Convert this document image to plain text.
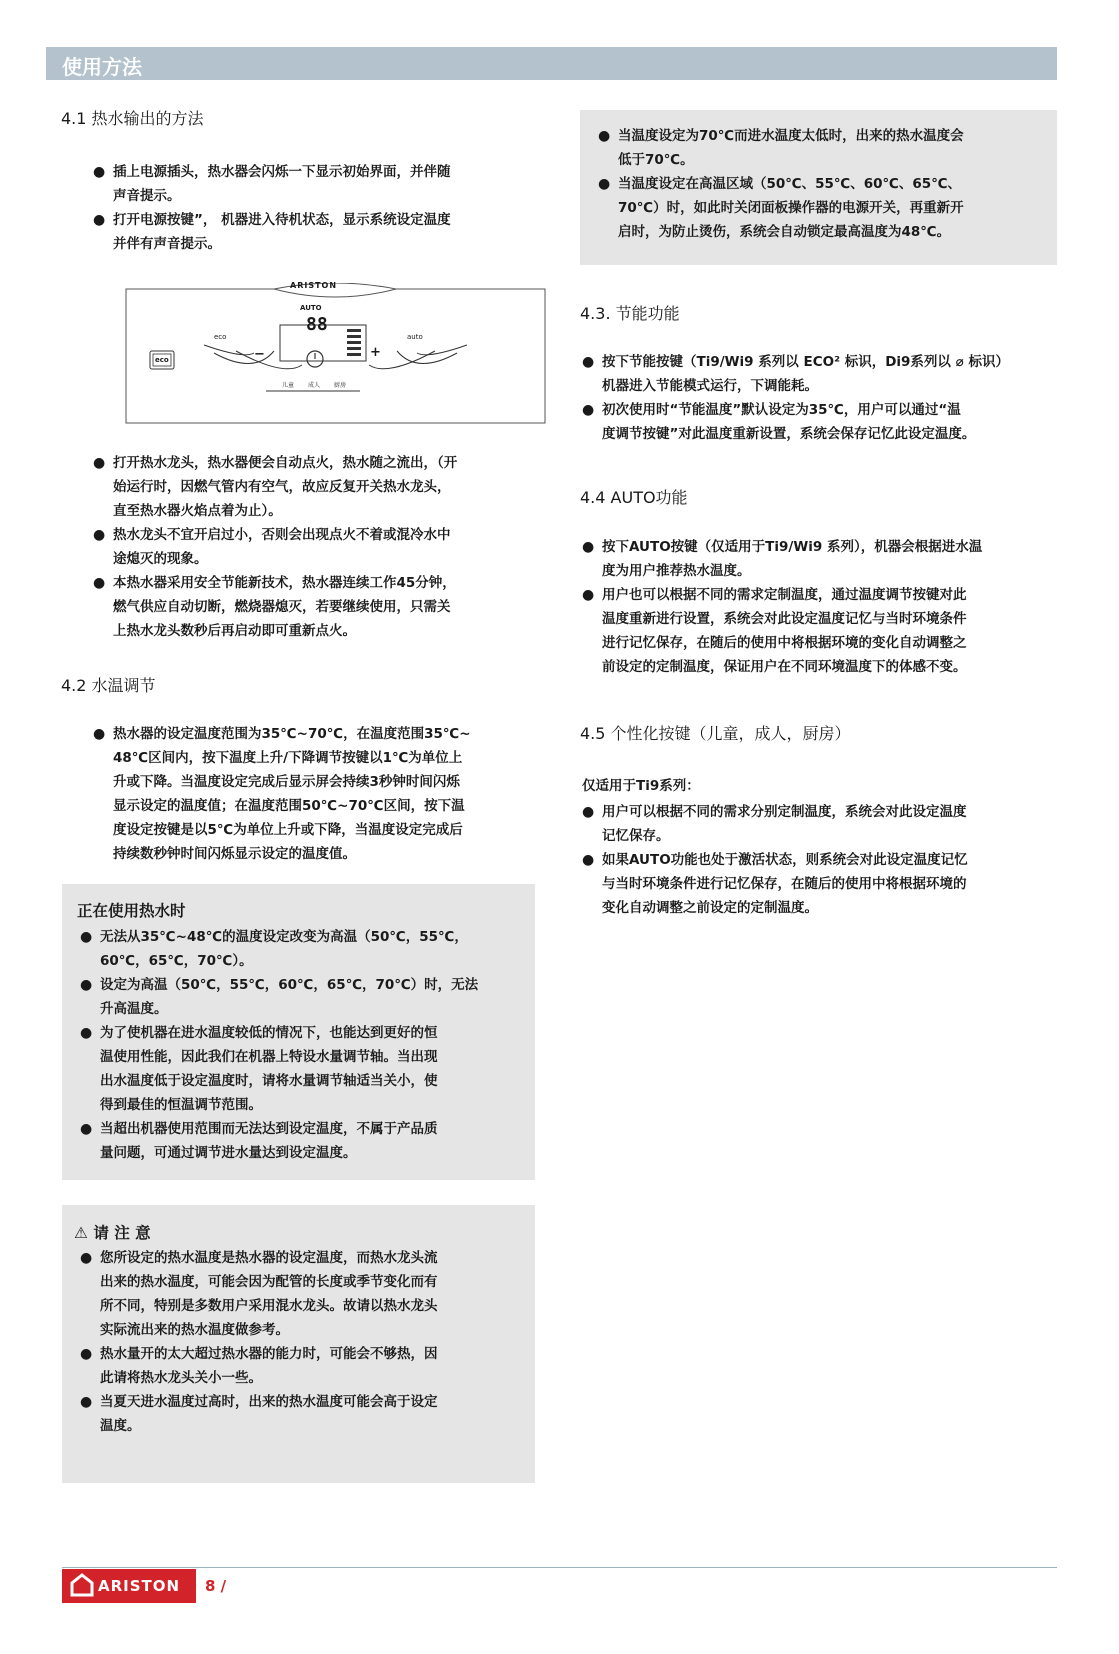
使用方法
4.1 热水输出的方法
● 插上电源插头，热水器会闪烁一下显示初始界面，并伴随
声音提示。
● 打开电源按键”， 机器进入待机状态，显示系统设定温度
并伴有声音提示。
ARISTON
AUTO
88
eco	auto
−	+
eco
儿童 成人 厨房
● 打开热水龙头，热水器便会自动点火，热水随之流出，（开
始运行时，因燃气管内有空气，故应反复开关热水龙头，
直至热水器火焰点着为止）。
● 热水龙头不宜开启过小，否则会出现点火不着或混冷水中
途熄灭的现象。
● 本热水器采用安全节能新技术，热水器连续工作45分钟，
燃气供应自动切断，燃烧器熄灭，若要继续使用，只需关
上热水龙头数秒后再启动即可重新点火。
4.2 水温调节
● 热水器的设定温度范围为35℃~70℃，在温度范围35℃~
48℃区间内，按下温度上升/下降调节按键以1℃为单位上
升或下降。当温度设定完成后显示屏会持续3秒钟时间闪烁
显示设定的温度值；在温度范围50℃~70℃区间，按下温
度设定按键是以5℃为单位上升或下降，当温度设定完成后
持续数秒钟时间闪烁显示设定的温度值。
正在使用热水时
● 无法从35℃~48℃的温度设定改变为高温（50℃，55℃，
60℃，65℃，70℃）。
● 设定为高温（50℃，55℃，60℃，65℃，70℃）时，无法
升高温度。
● 为了使机器在进水温度较低的情况下，也能达到更好的恒
温使用性能，因此我们在机器上特设水量调节轴。当出现
出水温度低于设定温度时，请将水量调节轴适当关小，使
得到最佳的恒温调节范围。
● 当超出机器使用范围而无法达到设定温度，不属于产品质
量问题，可通过调节进水量达到设定温度。
⚠ 请 注 意
● 您所设定的热水温度是热水器的设定温度，而热水龙头流
出来的热水温度，可能会因为配管的长度或季节变化而有
所不同，特别是多数用户采用混水龙头。故请以热水龙头
实际流出来的热水温度做参考。
● 热水量开的太大超过热水器的能力时，可能会不够热，因
此请将热水龙头关小一些。
● 当夏天进水温度过高时，出来的热水温度可能会高于设定
温度。
● 当温度设定为70℃而进水温度太低时，出来的热水温度会
低于70℃。
● 当温度设定在高温区域（50℃、55℃、60℃、65℃、
70℃）时，如此时关闭面板操作器的电源开关，再重新开
启时，为防止烫伤，系统会自动锁定最高温度为48℃。
4.3. 节能功能
● 按下节能按键（Ti9/Wi9 系列以 ECO² 标识，Di9系列以 ⌀ 标识）
机器进入节能模式运行，下调能耗。
● 初次使用时“节能温度”默认设定为35℃，用户可以通过“温
度调节按键”对此温度重新设置，系统会保存记忆此设定温度。
4.4 AUTO功能
● 按下AUTO按键（仅适用于Ti9/Wi9 系列），机器会根据进水温
度为用户推荐热水温度。
● 用户也可以根据不同的需求定制温度，通过温度调节按键对此
温度重新进行设置，系统会对此设定温度记忆与当时环境条件
进行记忆保存，在随后的使用中将根据环境的变化自动调整之
前设定的定制温度，保证用户在不同环境温度下的体感不变。
4.5 个性化按键（儿童，成人，厨房）
仅适用于Ti9系列：
● 用户可以根据不同的需求分别定制温度，系统会对此设定温度
记忆保存。
● 如果AUTO功能也处于激活状态，则系统会对此设定温度记忆
与当时环境条件进行记忆保存，在随后的使用中将根据环境的
变化自动调整之前设定的定制温度。
ARISTON 8 /
